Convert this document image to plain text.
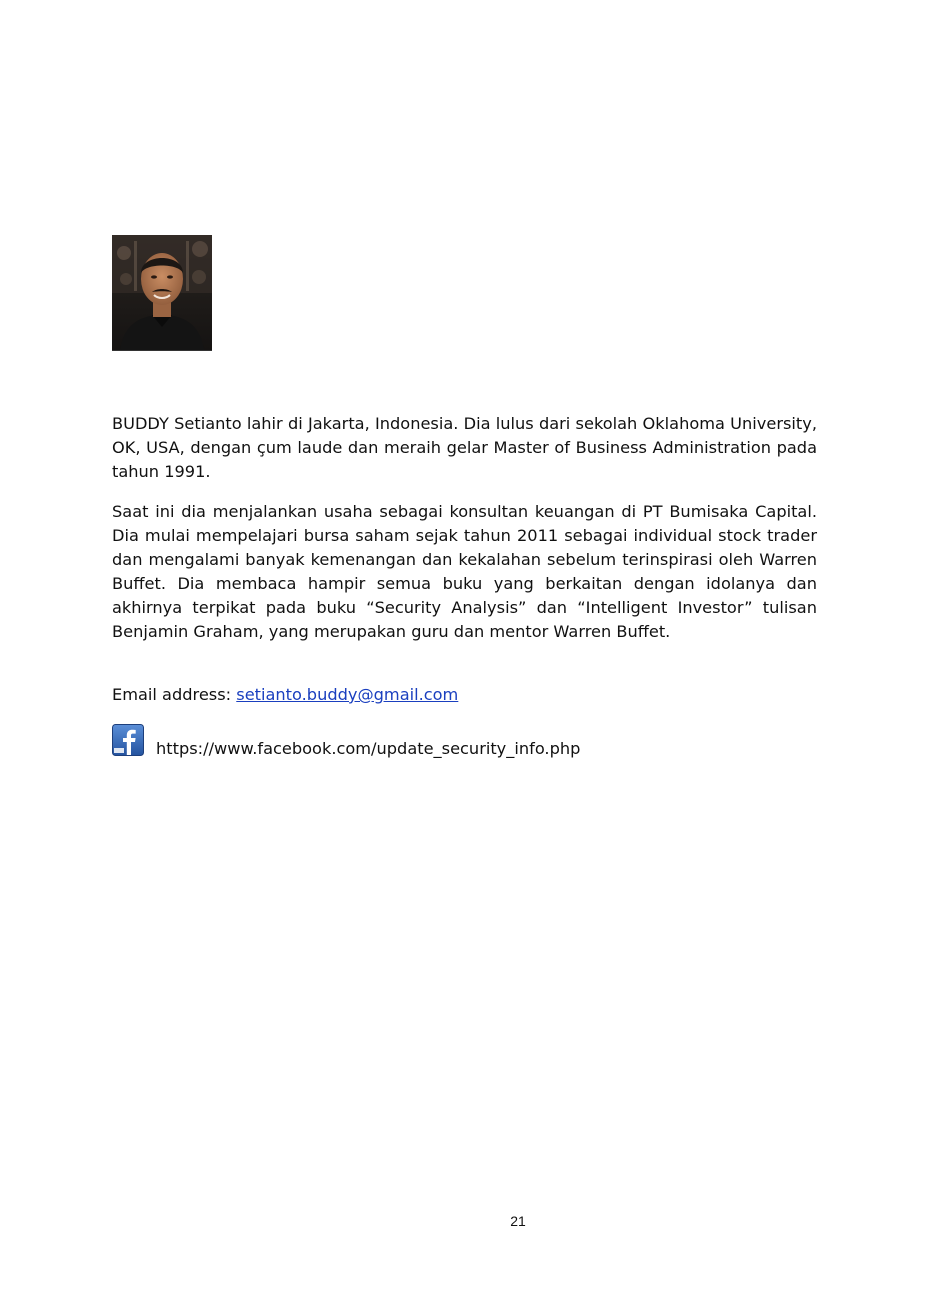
BUDDY Setianto lahir di Jakarta, Indonesia. Dia lulus dari sekolah Oklahoma University, OK, USA, dengan çum laude dan meraih gelar Master of Business Administration pada tahun 1991.

Saat ini dia menjalankan usaha sebagai konsultan keuangan di PT Bumisaka Capital. Dia mulai mempelajari bursa saham sejak tahun 2011 sebagai individual stock trader dan mengalami banyak kemenangan dan kekalahan sebelum terinspirasi oleh Warren Buffet. Dia membaca hampir semua buku yang berkaitan dengan idolanya dan akhirnya terpikat pada buku “Security Analysis” dan “Intelligent Investor” tulisan Benjamin Graham, yang merupakan guru dan mentor Warren Buffet.

Email address: setianto.buddy@gmail.com
https://www.facebook.com/update_security_info.php
21
